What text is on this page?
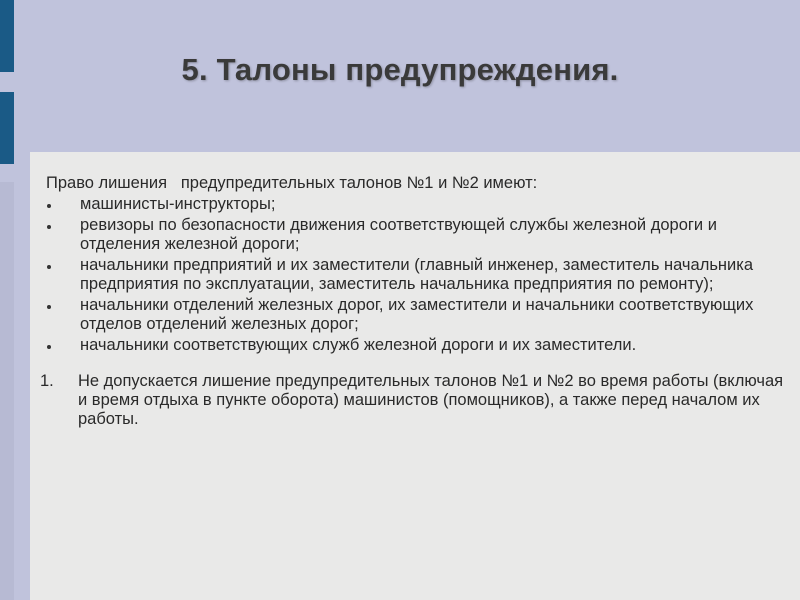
5. Талоны предупреждения.

Право лишения   предупредительных талонов №1 и №2 имеют:

машинисты-инструкторы;
ревизоры по безопасности движения соответствующей службы железной дороги и отделения железной дороги;
начальники предприятий и их заместители (главный инженер, заместитель начальника предприятия по эксплуатации, заместитель начальника предприятия по ремонту);
начальники отделений железных дорог, их заместители и начальники соответствующих отделов отделений железных дорог;
начальники соответствующих служб железной дороги и их заместители.
1. Не допускается лишение предупредительных талонов №1 и №2 во время работы (включая и время отдыха в пункте оборота) машинистов (помощников), а также перед началом их работы.
